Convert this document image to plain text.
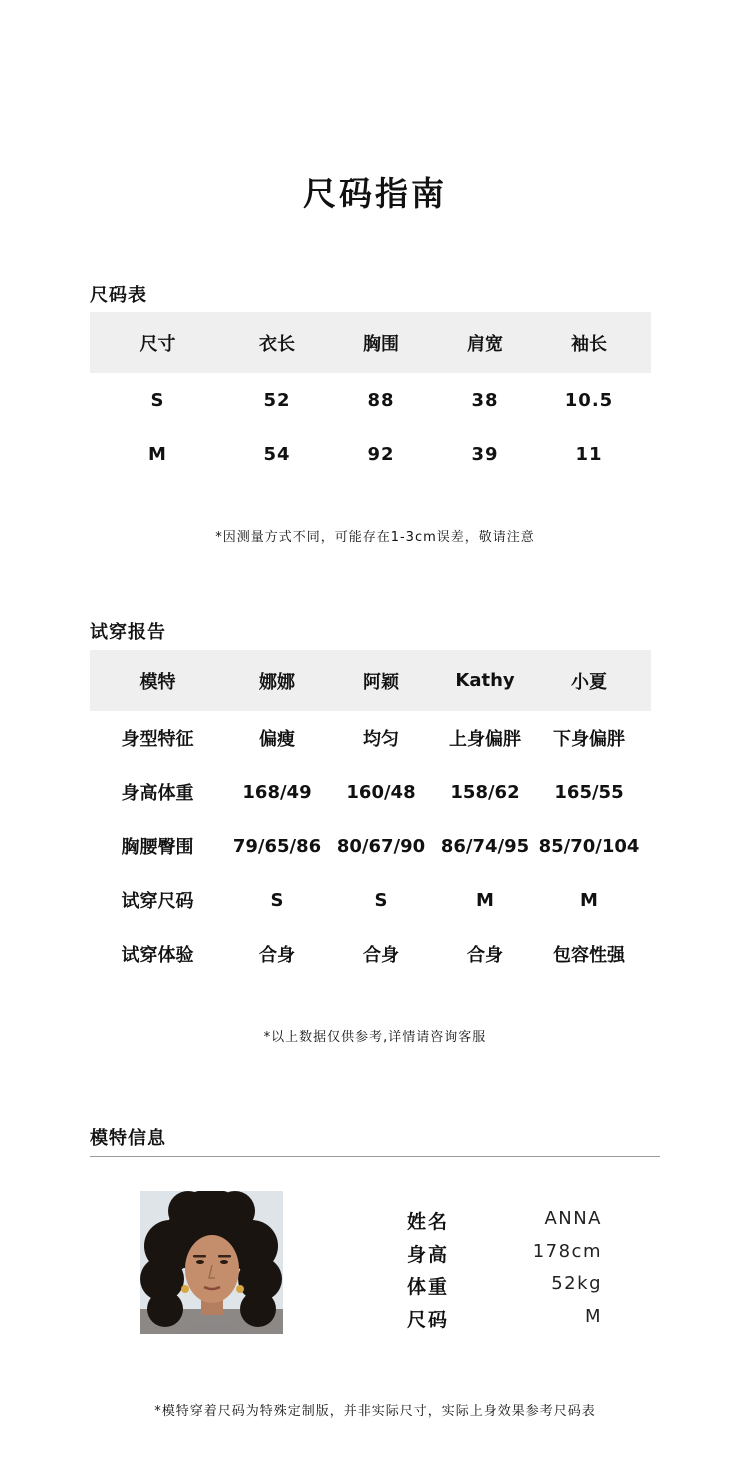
尺码指南
尺码表
尺寸	衣长	胸围	肩宽	袖长
S	52	88	38	10.5
M	54	92	39	11
*因测量方式不同，可能存在1-3cm误差，敬请注意
试穿报告
模特	娜娜	阿颖	Kathy	小夏
身型特征	偏瘦	均匀	上身偏胖	下身偏胖
身高体重	168/49	160/48	158/62	165/55
胸腰臀围	79/65/86 80/67/90 86/74/95 85/70/104
试穿尺码	S	S	M	M
试穿体验	合身	合身	合身	包容性强
*以上数据仅供参考,详情请咨询客服
模特信息
姓名	ANNA
身高	178cm
体重	52kg
尺码	M
*模特穿着尺码为特殊定制版，并非实际尺寸，实际上身效果参考尺码表
